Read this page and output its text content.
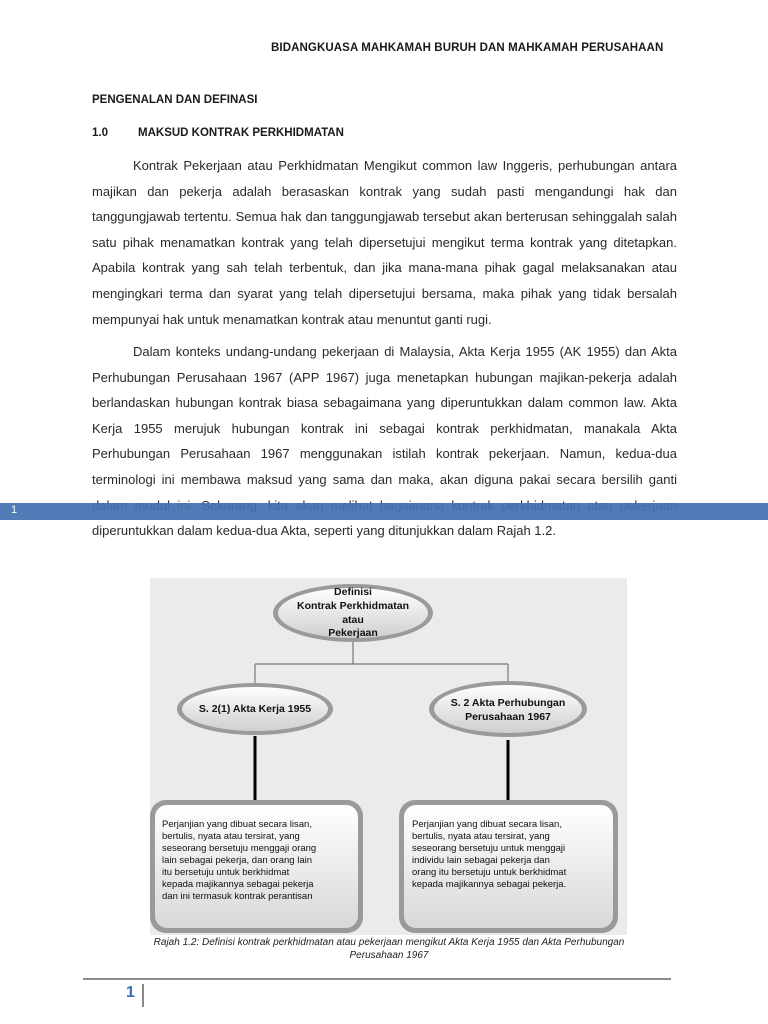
BIDANGKUASA MAHKAMAH BURUH DAN MAHKAMAH PERUSAHAAN
PENGENALAN DAN DEFINASI
1.0	MAKSUD KONTRAK PERKHIDMATAN

Kontrak Pekerjaan atau Perkhidmatan Mengikut common law Inggeris, perhubungan antara majikan dan pekerja adalah berasaskan kontrak yang sudah pasti mengandungi hak dan tanggungjawab tertentu. Semua hak dan tanggungjawab tersebut akan berterusan sehinggalah salah satu pihak menamatkan kontrak yang telah dipersetujui mengikut terma kontrak yang ditetapkan. Apabila kontrak yang sah telah terbentuk, dan jika mana-mana pihak gagal melaksanakan atau mengingkari terma dan syarat yang telah dipersetujui bersama, maka pihak yang tidak bersalah mempunyai hak untuk menamatkan kontrak atau menuntut ganti rugi.

Dalam konteks undang-undang pekerjaan di Malaysia, Akta Kerja 1955 (AK 1955) dan Akta Perhubungan Perusahaan 1967 (APP 1967) juga menetapkan hubungan majikan-pekerja adalah berlandaskan hubungan kontrak biasa sebagaimana yang diperuntukkan dalam common law. Akta Kerja 1955 merujuk hubungan kontrak ini sebagai kontrak perkhidmatan, manakala Akta Perhubungan Perusahaan 1967 menggunakan istilah kontrak pekerjaan. Namun, kedua-dua terminologi ini membawa maksud yang sama dan maka, akan diguna pakai secara bersilih ganti diperuntukkan dalam kedua-dua Akta, seperti yang ditunjukkan dalam Rajah 1.2.

1
Definisi
Kontrak Perkhidmatan
atau
Pekerjaan
S. 2(1) Akta Kerja 1955	S. 2 Akta Perhubungan
Perusahaan 1967
Perjanjian yang dibuat secara lisan,
bertulis, nyata atau tersirat, yang
seseorang bersetuju menggaji orang
lain sebagai pekerja, dan orang lain
itu bersetuju untuk berkhidmat
kepada majikannya sebagai pekerja
dan ini termasuk kontrak perantisan
Perjanjian yang dibuat secara lisan,
bertulis, nyata atau tersirat, yang
seseorang bersetuju untuk menggaji
individu lain sebagai pekerja dan
orang itu bersetuju untuk berkhidmat
kepada majikannya sebagai pekerja.
Rajah 1.2: Definisi kontrak perkhidmatan atau pekerjaan mengikut Akta Kerja 1955 dan Akta Perhubungan
Perusahaan 1967
1
